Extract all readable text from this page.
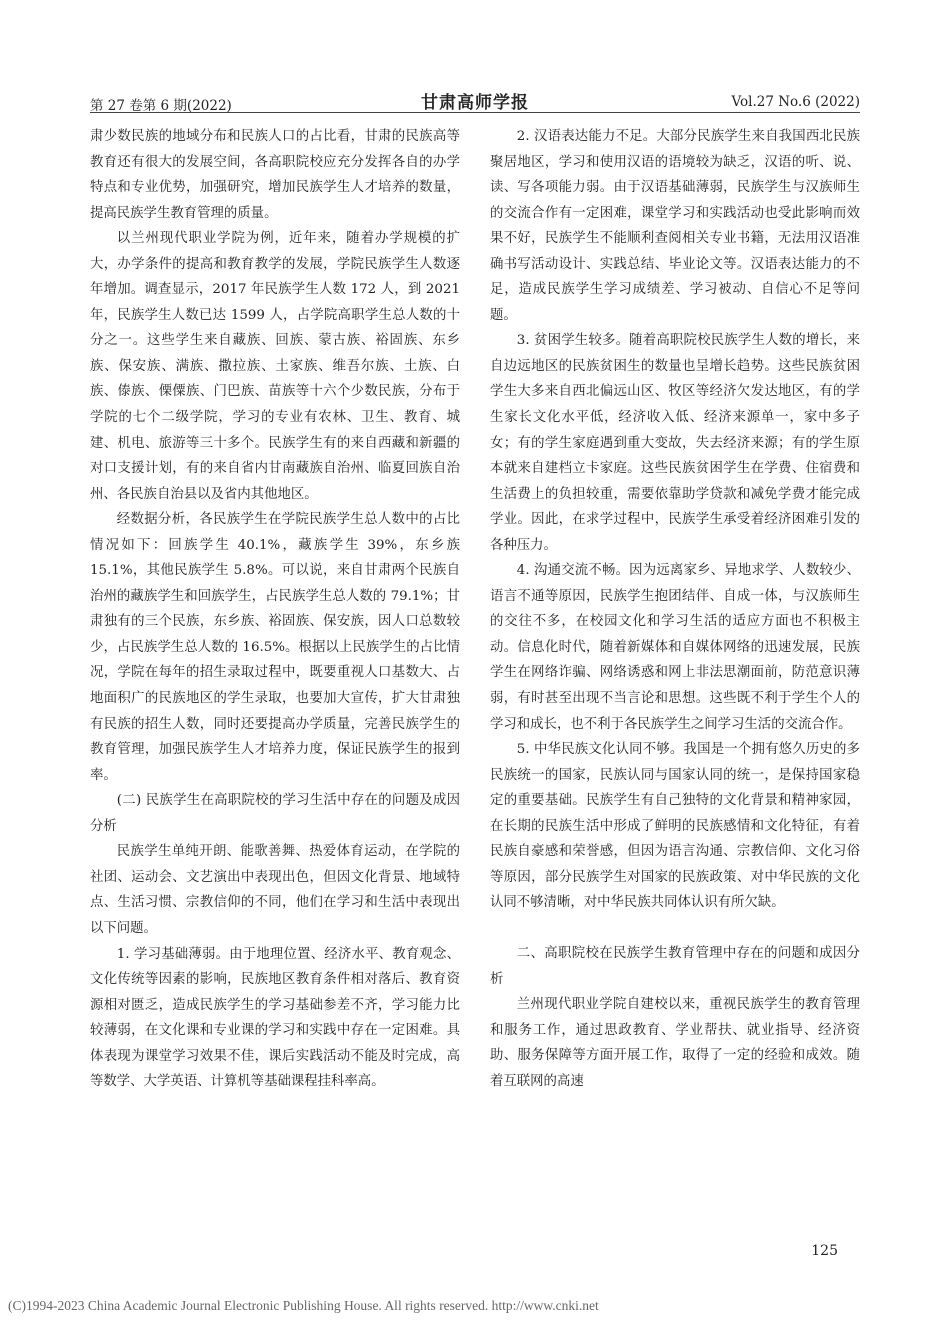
第 27 卷第 6 期(2022)	甘肃高师学报	Vol.27 No.6 (2022)

肃少数民族的地域分布和民族人口的占比看，甘肃的民族高等教育还有很大的发展空间，各高职院校应充分发挥各自的办学特点和专业优势，加强研究，增加民族学生人才培养的数量，提高民族学生教育管理的质量。

以兰州现代职业学院为例，近年来，随着办学规模的扩大，办学条件的提高和教育教学的发展，学院民族学生人数逐年增加。调查显示，2017 年民族学生人数 172 人，到 2021 年，民族学生人数已达 1599 人，占学院高职学生总人数的十分之一。这些学生来自藏族、回族、蒙古族、裕固族、东乡族、保安族、满族、撒拉族、土家族、维吾尔族、土族、白族、傣族、傈僳族、门巴族、苗族等十六个少数民族，分布于学院的七个二级学院，学习的专业有农林、卫生、教育、城建、机电、旅游等三十多个。民族学生有的来自西藏和新疆的对口支援计划，有的来自省内甘南藏族自治州、临夏回族自治州、各民族自治县以及省内其他地区。

经数据分析，各民族学生在学院民族学生总人数中的占比情况如下：回族学生 40.1%，藏族学生 39%，东乡族 15.1%，其他民族学生 5.8%。可以说，来自甘肃两个民族自治州的藏族学生和回族学生，占民族学生总人数的 79.1%；甘肃独有的三个民族，东乡族、裕固族、保安族，因人口总数较少，占民族学生总人数的 16.5%。根据以上民族学生的占比情况，学院在每年的招生录取过程中，既要重视人口基数大、占地面积广的民族地区的学生录取，也要加大宣传，扩大甘肃独有民族的招生人数，同时还要提高办学质量，完善民族学生的教育管理，加强民族学生人才培养力度，保证民族学生的报到率。

(二) 民族学生在高职院校的学习生活中存在的问题及成因分析

民族学生单纯开朗、能歌善舞、热爱体育运动，在学院的社团、运动会、文艺演出中表现出色，但因文化背景、地域特点、生活习惯、宗教信仰的不同，他们在学习和生活中表现出以下问题。

1. 学习基础薄弱。由于地理位置、经济水平、教育观念、文化传统等因素的影响，民族地区教育条件相对落后、教育资源相对匮乏，造成民族学生的学习基础参差不齐，学习能力比较薄弱，在文化课和专业课的学习和实践中存在一定困难。具体表现为课堂学习效果不佳，课后实践活动不能及时完成，高等数学、大学英语、计算机等基础课程挂科率高。

2. 汉语表达能力不足。大部分民族学生来自我国西北民族聚居地区，学习和使用汉语的语境较为缺乏，汉语的听、说、读、写各项能力弱。由于汉语基础薄弱，民族学生与汉族师生的交流合作有一定困难，课堂学习和实践活动也受此影响而效果不好，民族学生不能顺利查阅相关专业书籍，无法用汉语准确书写活动设计、实践总结、毕业论文等。汉语表达能力的不足，造成民族学生学习成绩差、学习被动、自信心不足等问题。

3. 贫困学生较多。随着高职院校民族学生人数的增长，来自边远地区的民族贫困生的数量也呈增长趋势。这些民族贫困学生大多来自西北偏远山区、牧区等经济欠发达地区，有的学生家长文化水平低，经济收入低、经济来源单一，家中多子女；有的学生家庭遇到重大变故，失去经济来源；有的学生原本就来自建档立卡家庭。这些民族贫困学生在学费、住宿费和生活费上的负担较重，需要依靠助学贷款和减免学费才能完成学业。因此，在求学过程中，民族学生承受着经济困难引发的各种压力。

4. 沟通交流不畅。因为远离家乡、异地求学、人数较少、语言不通等原因，民族学生抱团结伴、自成一体，与汉族师生的交往不多，在校园文化和学习生活的适应方面也不积极主动。信息化时代，随着新媒体和自媒体网络的迅速发展，民族学生在网络诈骗、网络诱惑和网上非法思潮面前，防范意识薄弱，有时甚至出现不当言论和思想。这些既不利于学生个人的学习和成长，也不利于各民族学生之间学习生活的交流合作。

5. 中华民族文化认同不够。我国是一个拥有悠久历史的多民族统一的国家，民族认同与国家认同的统一，是保持国家稳定的重要基础。民族学生有自己独特的文化背景和精神家园，在长期的民族生活中形成了鲜明的民族感情和文化特征，有着民族自豪感和荣誉感，但因为语言沟通、宗教信仰、文化习俗等原因，部分民族学生对国家的民族政策、对中华民族的文化认同不够清晰，对中华民族共同体认识有所欠缺。

二、高职院校在民族学生教育管理中存在的问题和成因分析

兰州现代职业学院自建校以来，重视民族学生的教育管理和服务工作，通过思政教育、学业帮扶、就业指导、经济资助、服务保障等方面开展工作，取得了一定的经验和成效。随着互联网的高速

125
(C)1994-2023 China Academic Journal Electronic Publishing House. All rights reserved. http://www.cnki.net
